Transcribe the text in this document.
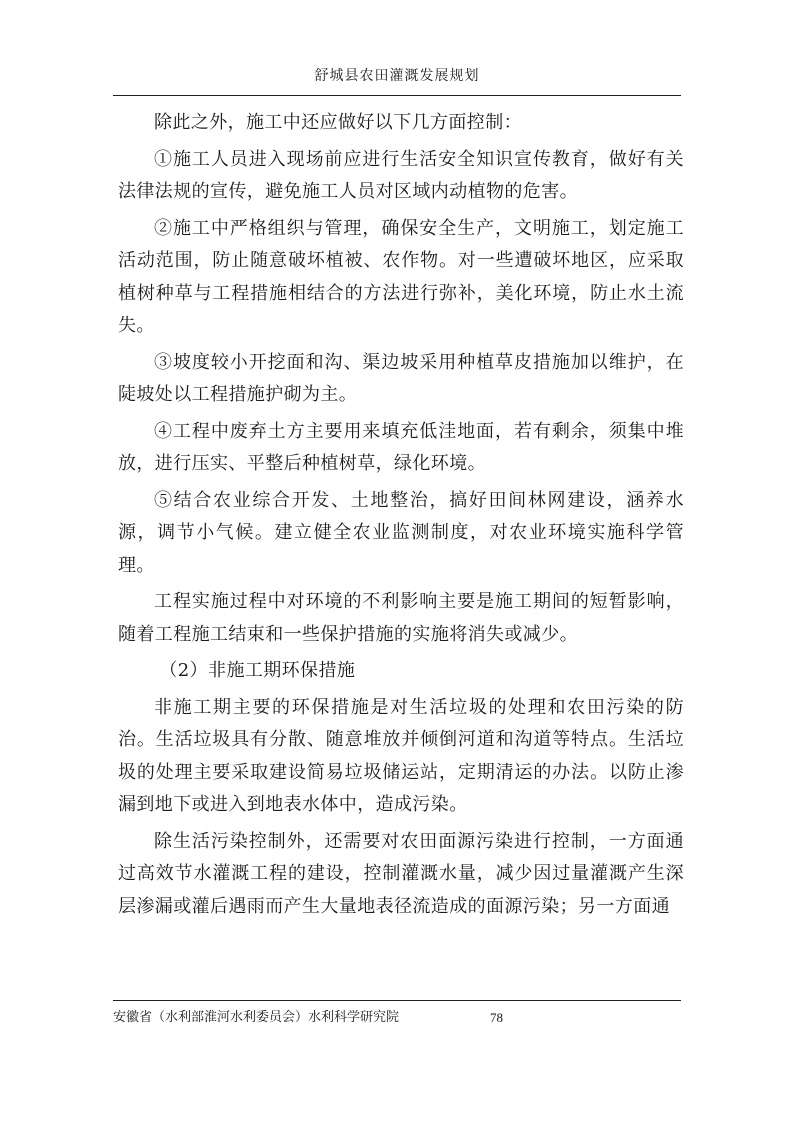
舒城县农田灌溉发展规划

除此之外，施工中还应做好以下几方面控制：

①施工人员进入现场前应进行生活安全知识宣传教育，做好有关法律法规的宣传，避免施工人员对区域内动植物的危害。

②施工中严格组织与管理，确保安全生产，文明施工，划定施工活动范围，防止随意破坏植被、农作物。对一些遭破坏地区，应采取植树种草与工程措施相结合的方法进行弥补，美化环境，防止水土流失。

③坡度较小开挖面和沟、渠边坡采用种植草皮措施加以维护，在陡坡处以工程措施护砌为主。

④工程中废弃土方主要用来填充低洼地面，若有剩余，须集中堆放，进行压实、平整后种植树草，绿化环境。

⑤结合农业综合开发、土地整治，搞好田间林网建设，涵养水源，调节小气候。建立健全农业监测制度，对农业环境实施科学管理。

工程实施过程中对环境的不利影响主要是施工期间的短暂影响，随着工程施工结束和一些保护措施的实施将消失或减少。

（2）非施工期环保措施

非施工期主要的环保措施是对生活垃圾的处理和农田污染的防治。生活垃圾具有分散、随意堆放并倾倒河道和沟道等特点。生活垃圾的处理主要采取建设简易垃圾储运站，定期清运的办法。以防止渗漏到地下或进入到地表水体中，造成污染。

除生活污染控制外，还需要对农田面源污染进行控制，一方面通过高效节水灌溉工程的建设，控制灌溉水量，减少因过量灌溉产生深层渗漏或灌后遇雨而产生大量地表径流造成的面源污染；另一方面通

安徽省（水利部淮河水利委员会）水利科学研究院	78
